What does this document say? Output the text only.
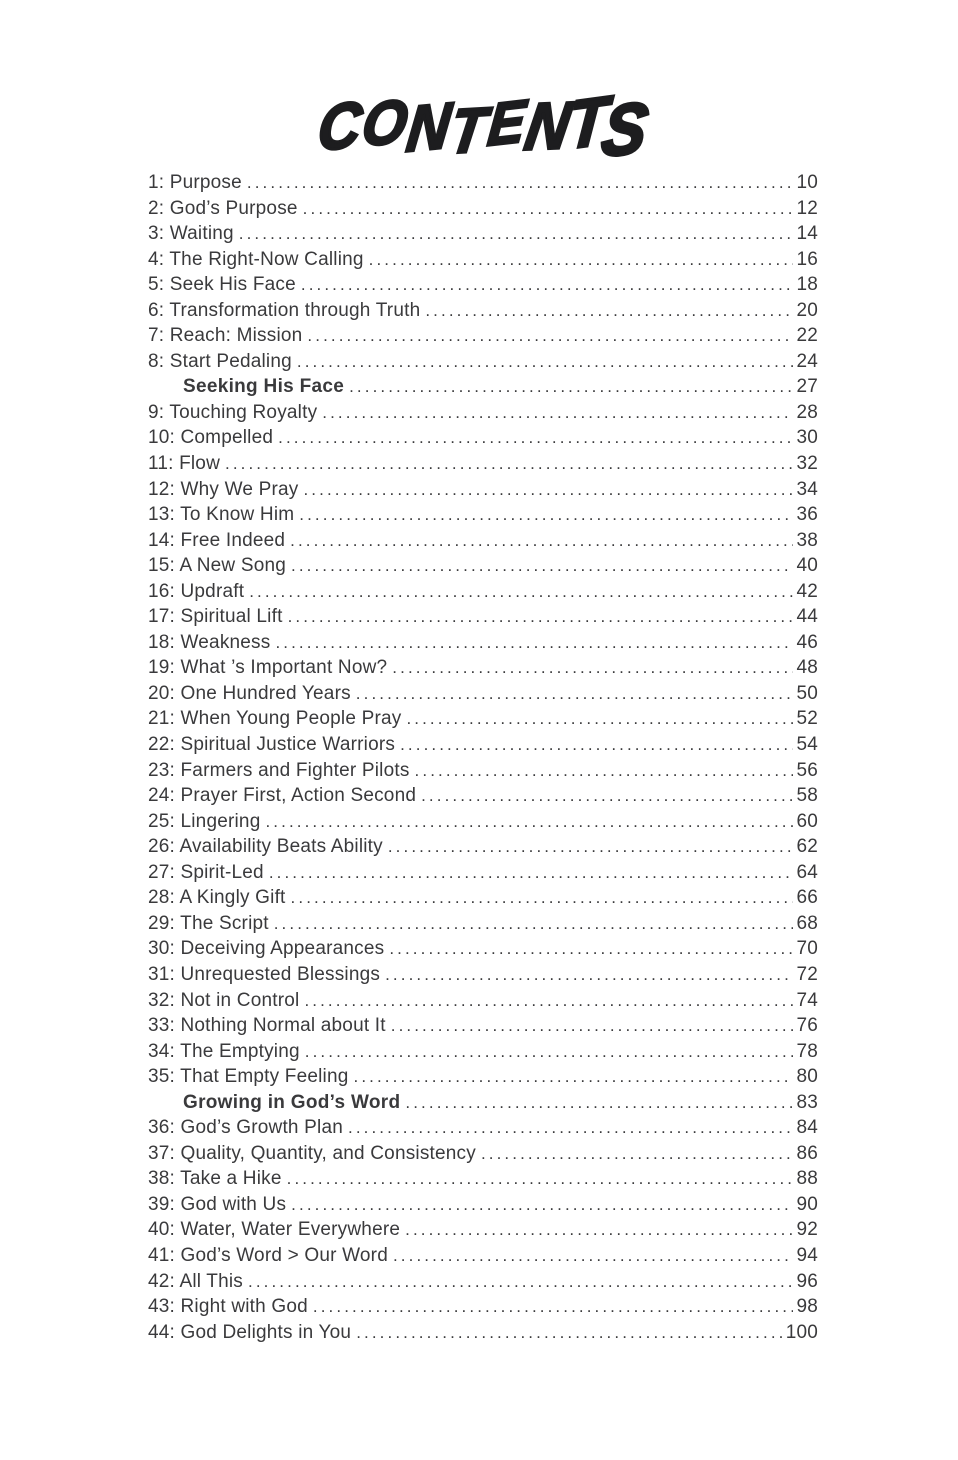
CONTENTS
1: Purpose .....	10
2: God’s Purpose .....	12
3: Waiting .....	14
4: The Right-Now Calling .....	16
5: Seek His Face .....	18
6: Transformation through Truth .....	20
7: Reach: Mission .....	22
8: Start Pedaling .....	24
Seeking His Face .....	27
9: Touching Royalty .....	28
10: Compelled .....	30
11: Flow .....	32
12: Why We Pray .....	34
13: To Know Him .....	36
14: Free Indeed .....	38
15: A New Song .....	40
16: Updraft .....	42
17: Spiritual Lift .....	44
18: Weakness .....	46
19: What ’s Important Now? .....	48
20: One Hundred Years .....	50
21: When Young People Pray .....	52
22: Spiritual Justice Warriors .....	54
23: Farmers and Fighter Pilots .....	56
24: Prayer First, Action Second .....	58
25: Lingering .....	60
26: Availability Beats Ability .....	62
27: Spirit-Led .....	64
28: A Kingly Gift .....	66
29: The Script .....	68
30: Deceiving Appearances .....	70
31: Unrequested Blessings .....	72
32: Not in Control .....	74
33: Nothing Normal about It .....	76
34: The Emptying .....	78
35: That Empty Feeling .....	80
Growing in God’s Word .....	83
36: God’s Growth Plan .....	84
37: Quality, Quantity, and Consistency .....	86
38: Take a Hike .....	88
39: God with Us .....	90
40: Water, Water Everywhere .....	92
41: God’s Word > Our Word .....	94
42: All This .....	96
43: Right with God .....	98
44: God Delights in You .....	100
